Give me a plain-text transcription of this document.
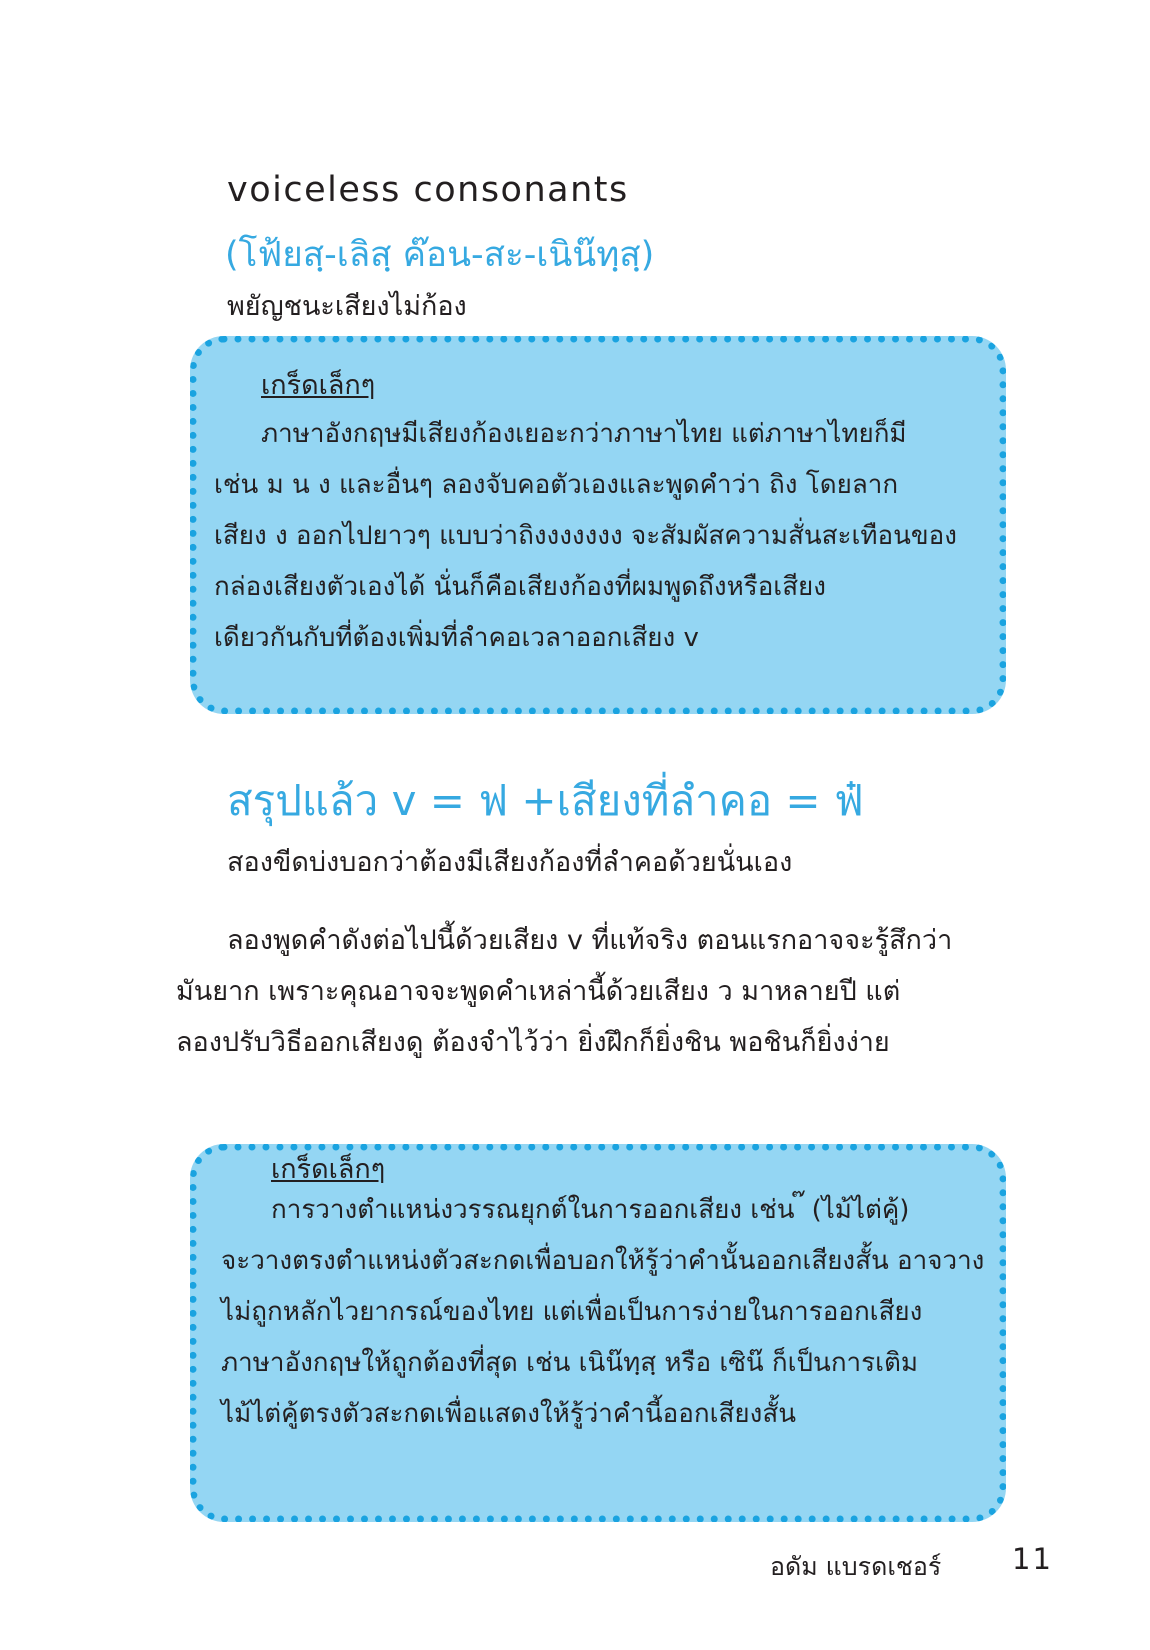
voiceless consonants
(โฟ้ยสฺ-เลิสฺ ค๊อน-สะ-เนิน๊ทฺสฺ)
พยัญชนะเสียงไม่ก้อง
เกร็ดเล็กๆ
ภาษาอังกฤษมีเสียงก้องเยอะกว่าภาษาไทย แต่ภาษาไทยก็มี
เช่น ม น ง และอื่นๆ ลองจับคอตัวเองและพูดคำว่า ถิง โดยลาก
เสียง ง ออกไปยาวๆ แบบว่าถิงงงงงงง จะสัมผัสความสั่นสะเทือนของ
กล่องเสียงตัวเองได้ นั่นก็คือเสียงก้องที่ผมพูดถึงหรือเสียง
เดียวกันกับที่ต้องเพิ่มที่ลำคอเวลาออกเสียง v
สรุปแล้ว v = ฟ +เสียงที่ลำคอ = ฟ๋
สองขีดบ่งบอกว่าต้องมีเสียงก้องที่ลำคอด้วยนั่นเอง
ลองพูดคำดังต่อไปนี้ด้วยเสียง v ที่แท้จริง ตอนแรกอาจจะรู้สึกว่า
มันยาก เพราะคุณอาจจะพูดคำเหล่านี้ด้วยเสียง ว มาหลายปี แต่
ลองปรับวิธีออกเสียงดู ต้องจำไว้ว่า ยิ่งฝึกก็ยิ่งชิน พอชินก็ยิ่งง่าย
เกร็ดเล็กๆ
การวางตำแหน่งวรรณยุกต์ในการออกเสียง เช่น ๊ (ไม้ไต่คู้)
จะวางตรงตำแหน่งตัวสะกดเพื่อบอกให้รู้ว่าคำนั้นออกเสียงสั้น อาจวาง
ไม่ถูกหลักไวยากรณ์ของไทย แต่เพื่อเป็นการง่ายในการออกเสียง
ภาษาอังกฤษให้ถูกต้องที่สุด เช่น เนิน๊ทฺสฺ หรือ เซิน๊ ก็เป็นการเติม
ไม้ไต่คู้ตรงตัวสะกดเพื่อแสดงให้รู้ว่าคำนี้ออกเสียงสั้น
อดัม แบรดเชอร์ 11
